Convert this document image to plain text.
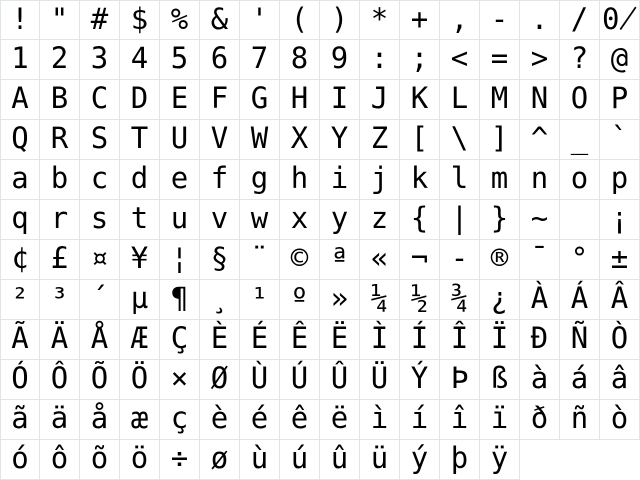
! " # $ % & ' ( ) * + , - . / 0̸
1 2 3 4 5 6 7 8 9 : ; < = > ? @
A B C D E F G H I J K L M N O P
Q R S T U V W X Y Z [ \ ] ^ _ `
a b c d e f g h i j k l m n o p
q r s t u v w x y z { | } ~	¡
¢ £ ¤ ¥ ¦ § ¨ © ª « ¬ - ® ¯ ° ±
² ³ ´ µ ¶ ¸ ¹ º » ¼ ½ ¾ ¿ À Á Â
Ã Ä Å Æ Ç È É Ê Ë Ì Í Î Ï Ð Ñ Ò
Ó Ô Õ Ö × Ø Ù Ú Û Ü Ý Þ ß à á â
ã ä å æ ç è é ê ë ì í î ï ð ñ ò
ó ô õ ö ÷ ø ù ú û ü ý þ ÿ
